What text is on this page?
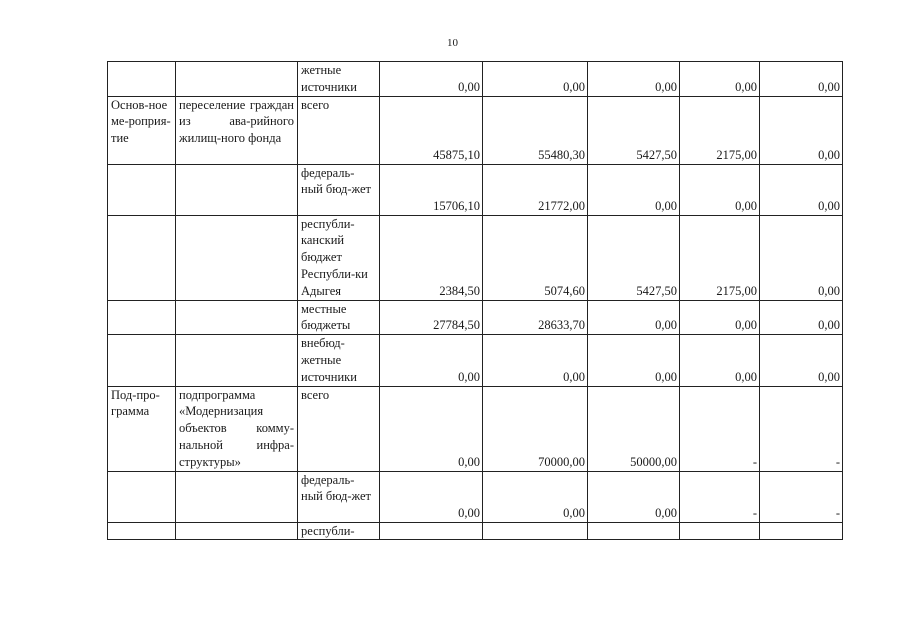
10
		жетные источники	0,00	0,00	0,00	0,00	0,00
Основ-ное ме-роприя-тие	переселение граждан из ава-рийного жилищ-ного фонда	всего	45875,10	55480,30	5427,50	2175,00	0,00
		федераль-ный бюд-жет	15706,10	21772,00	0,00	0,00	0,00
		республи-канский бюджет Республи-ки Адыгея	2384,50	5074,60	5427,50	2175,00	0,00
		местные бюджеты	27784,50	28633,70	0,00	0,00	0,00
		внебюд-жетные источники	0,00	0,00	0,00	0,00	0,00
Под-про-грамма	подпрограмма «Модернизация объектов комму-нальной инфра-структуры»	всего	0,00	70000,00	50000,00	-	-
		федераль-ный бюд-жет	0,00	0,00	0,00	-	-
		республи-					
